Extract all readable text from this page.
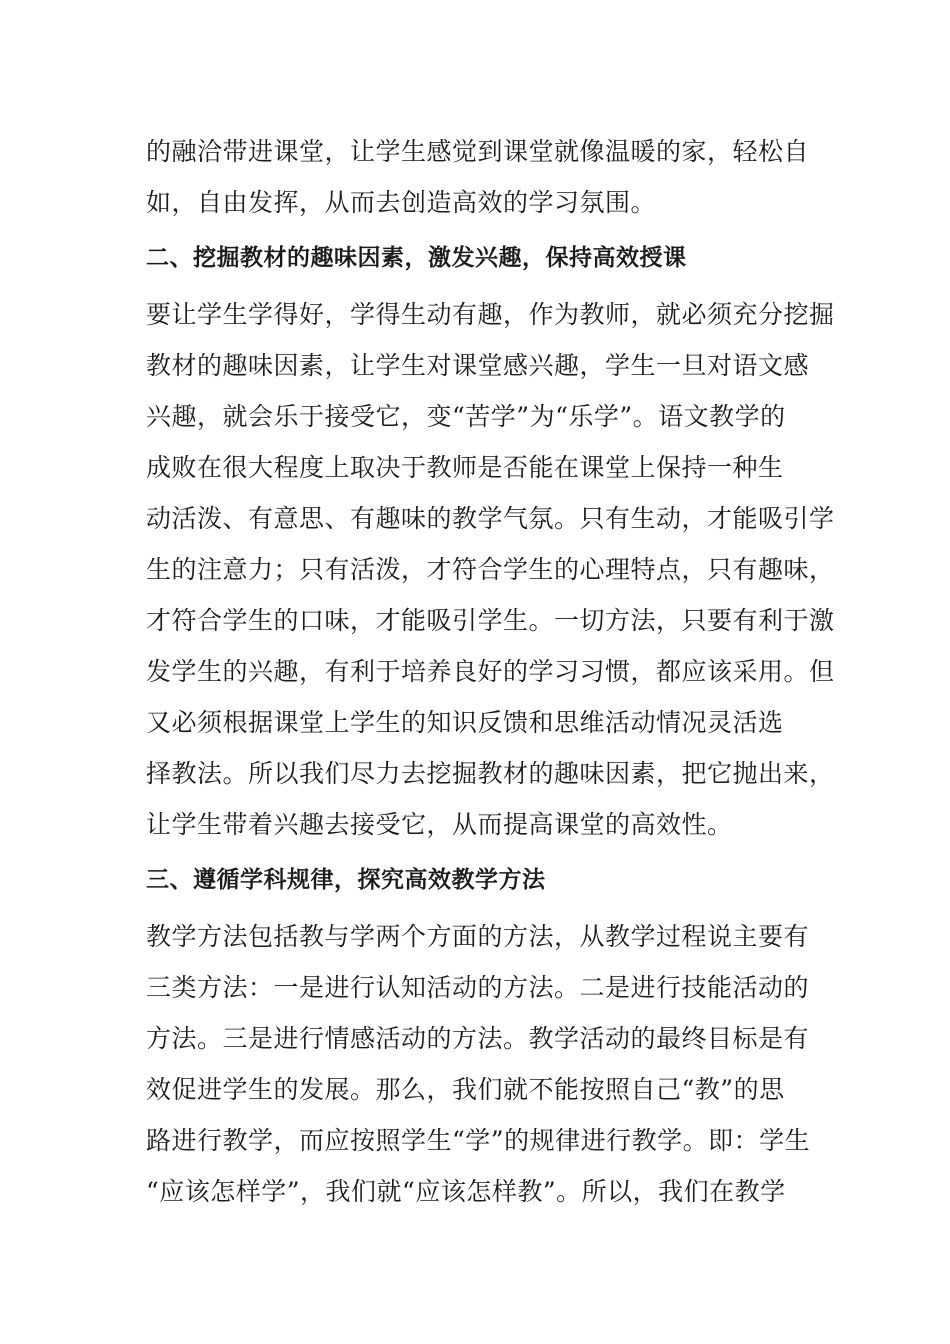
的融洽带进课堂，让学生感觉到课堂就像温暖的家，轻松自
如，自由发挥，从而去创造高效的学习氛围。
二、挖掘教材的趣味因素，激发兴趣，保持高效授课
要让学生学得好，学得生动有趣，作为教师，就必须充分挖掘
教材的趣味因素，让学生对课堂感兴趣，学生一旦对语文感
兴趣，就会乐于接受它，变“苦学”为“乐学”。语文教学的
成败在很大程度上取决于教师是否能在课堂上保持一种生
动活泼、有意思、有趣味的教学气氛。只有生动，才能吸引学
生的注意力；只有活泼，才符合学生的心理特点，只有趣味，
才符合学生的口味，才能吸引学生。一切方法，只要有利于激
发学生的兴趣，有利于培养良好的学习习惯，都应该采用。但
又必须根据课堂上学生的知识反馈和思维活动情况灵活选
择教法。所以我们尽力去挖掘教材的趣味因素，把它抛出来，
让学生带着兴趣去接受它，从而提高课堂的高效性。
三、遵循学科规律，探究高效教学方法
教学方法包括教与学两个方面的方法，从教学过程说主要有
三类方法：一是进行认知活动的方法。二是进行技能活动的
方法。三是进行情感活动的方法。教学活动的最终目标是有
效促进学生的发展。那么，我们就不能按照自己“教”的思
路进行教学，而应按照学生“学”的规律进行教学。即：学生
“应该怎样学”，我们就“应该怎样教”。所以，我们在教学
